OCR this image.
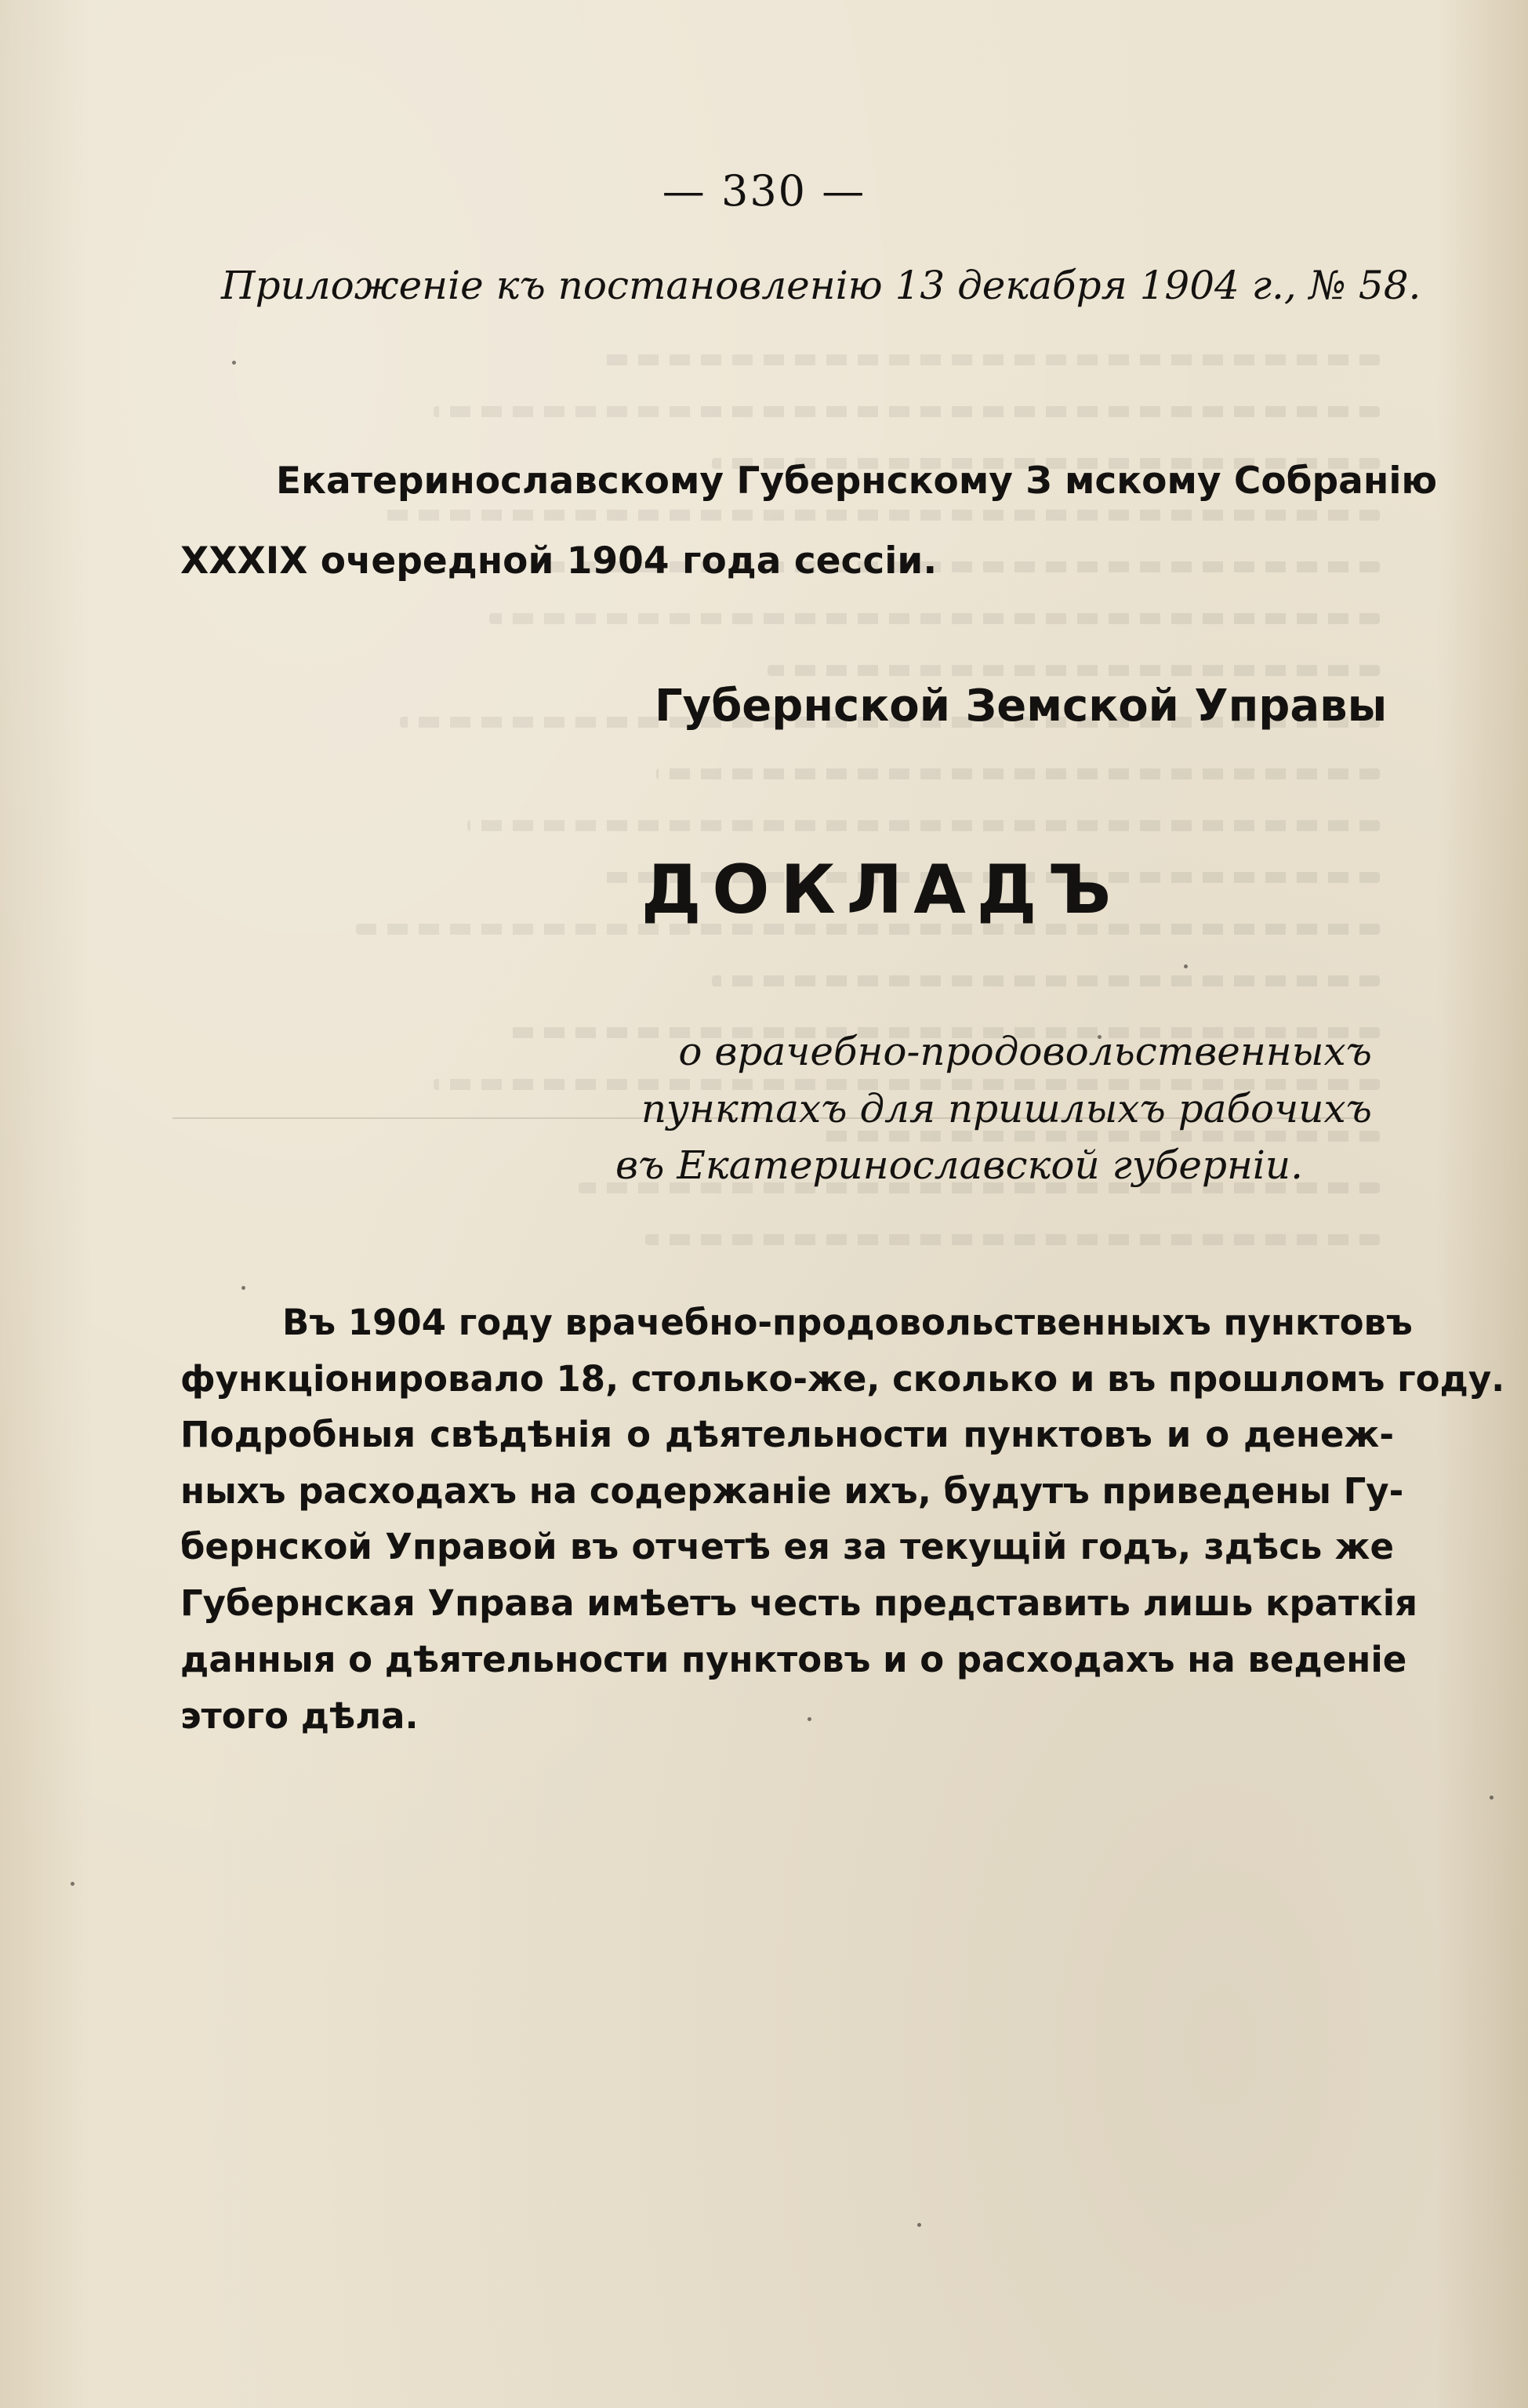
— 330 —
Приложенiе къ постановленiю 13 декабря 1904 г., № 58.
Екатеринославскому Губернскому З мскому Собранiю
XXXIX очередной 1904 года сессiи.
Губернской Земской Управы
ДОКЛАДЪ
о врачебно-продовольственныхъ
пунктахъ для пришлыхъ рабочихъ
въ Екатеринославской губернiи.
Въ 1904 году врачебно-продовольственныхъ пунктовъ
функцiонировало 18, столько-же, сколько и въ прошломъ году.
Подробныя свѣдѣнiя о дѣятельности пунктовъ и о денеж-
ныхъ расходахъ на содержанiе ихъ, будутъ приведены Гу-
бернской Управой въ отчетѣ ея за текущiй годъ, здѣсь же
Губернская Управа имѣетъ честь представить лишь краткiя
данныя о дѣятельности пунктовъ и о расходахъ на веденiе
этого дѣла.
